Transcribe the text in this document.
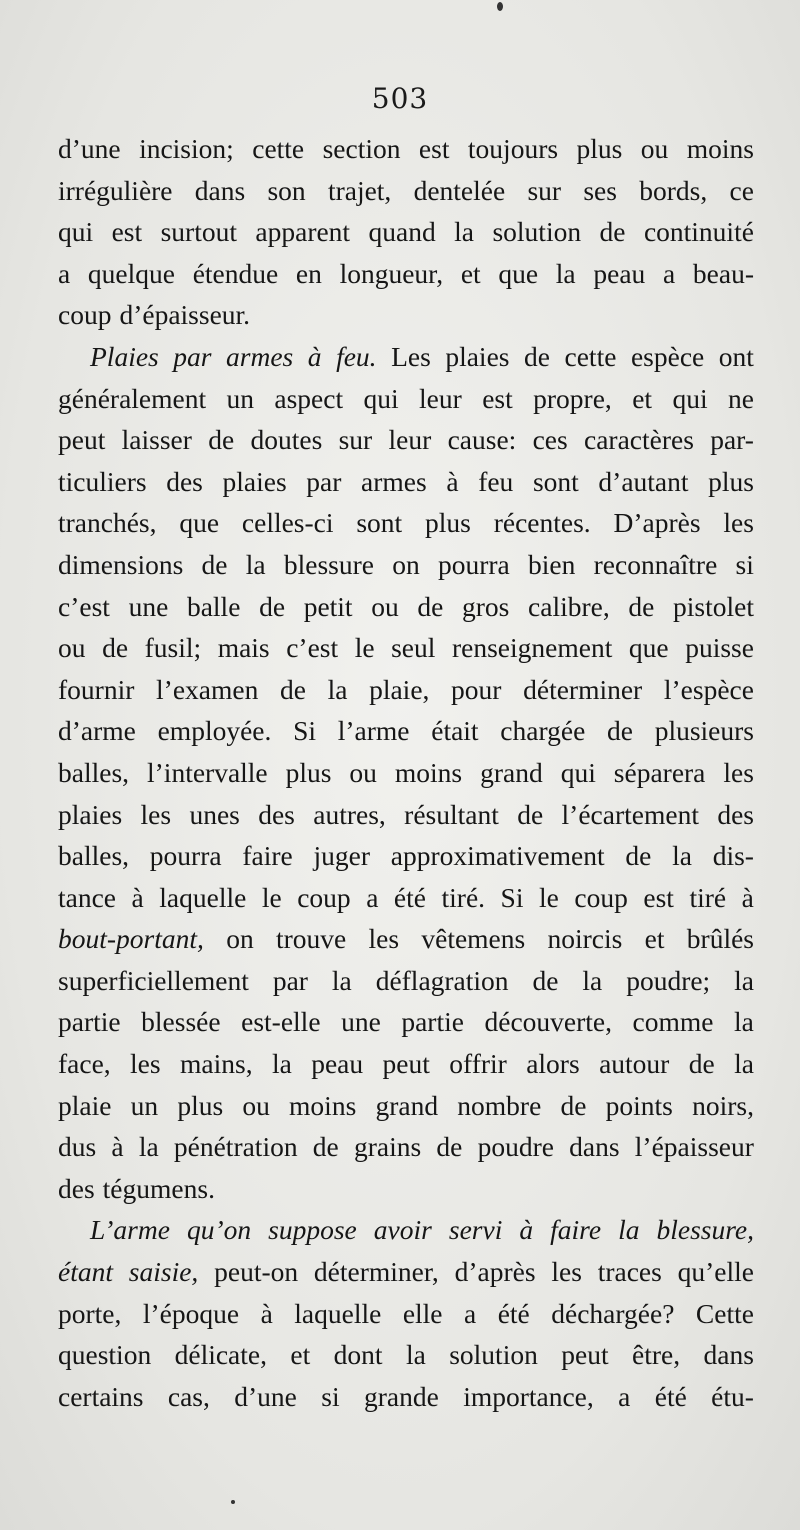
503
d’une incision; cette section est toujours plus ou moins
irrégulière dans son trajet, dentelée sur ses bords, ce
qui est surtout apparent quand la solution de continuité
a quelque étendue en longueur, et que la peau a beau-
coup d’épaisseur.
Plaies par armes à feu. Les plaies de cette espèce ont
généralement un aspect qui leur est propre, et qui ne
peut laisser de doutes sur leur cause: ces caractères par-
ticuliers des plaies par armes à feu sont d’autant plus
tranchés, que celles-ci sont plus récentes. D’après les
dimensions de la blessure on pourra bien reconnaître si
c’est une balle de petit ou de gros calibre, de pistolet
ou de fusil; mais c’est le seul renseignement que puisse
fournir l’examen de la plaie, pour déterminer l’espèce
d’arme employée. Si l’arme était chargée de plusieurs
balles, l’intervalle plus ou moins grand qui séparera les
plaies les unes des autres, résultant de l’écartement des
balles, pourra faire juger approximativement de la dis-
tance à laquelle le coup a été tiré. Si le coup est tiré à
bout-portant, on trouve les vêtemens noircis et brûlés
superficiellement par la déflagration de la poudre; la
partie blessée est-elle une partie découverte, comme la
face, les mains, la peau peut offrir alors autour de la
plaie un plus ou moins grand nombre de points noirs,
dus à la pénétration de grains de poudre dans l’épaisseur
des tégumens.
L’arme qu’on suppose avoir servi à faire la blessure,
étant saisie, peut-on déterminer, d’après les traces qu’elle
porte, l’époque à laquelle elle a été déchargée? Cette
question délicate, et dont la solution peut être, dans
certains cas, d’une si grande importance, a été étu-
